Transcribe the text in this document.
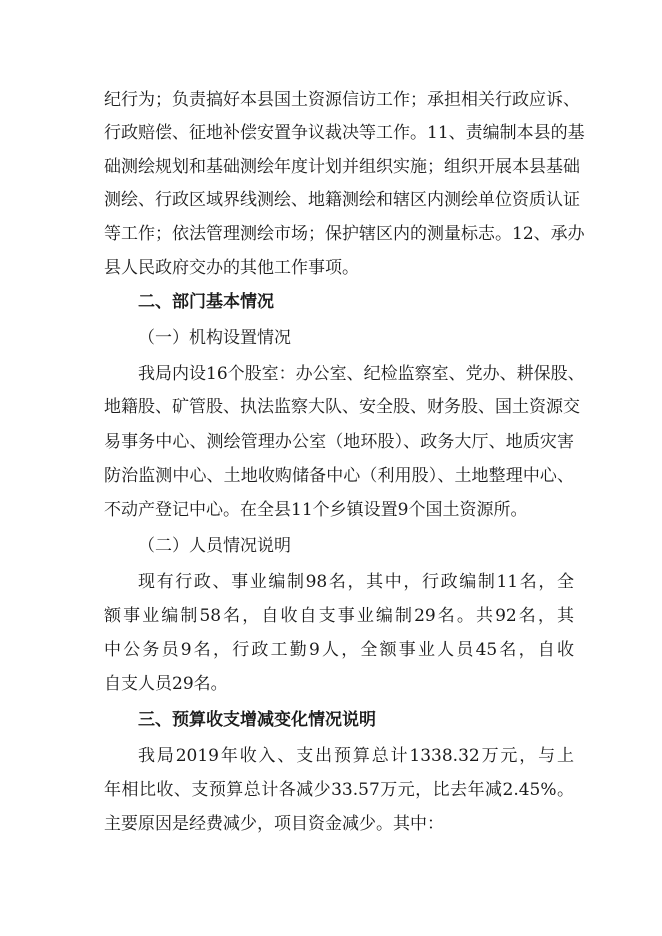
纪行为；负责搞好本县国土资源信访工作；承担相关行政应诉、
行政赔偿、征地补偿安置争议裁决等工作。11、责编制本县的基
础测绘规划和基础测绘年度计划并组织实施；组织开展本县基础
测绘、行政区域界线测绘、地籍测绘和辖区内测绘单位资质认证
等工作；依法管理测绘市场；保护辖区内的测量标志。12、承办
县人民政府交办的其他工作事项。
二、部门基本情况
（一）机构设置情况
我局内设16个股室：办公室、纪检监察室、党办、耕保股、
地籍股、矿管股、执法监察大队、安全股、财务股、国土资源交
易事务中心、测绘管理办公室（地环股）、政务大厅、地质灾害
防治监测中心、土地收购储备中心（利用股）、土地整理中心、
不动产登记中心。在全县11个乡镇设置9个国土资源所。
（二）人员情况说明
现有行政、事业编制98名，其中，行政编制11名，全
额事业编制58名，自收自支事业编制29名。共92名，其
中公务员9名，行政工勤9人，全额事业人员45名，自收
自支人员29名。
三、预算收支增减变化情况说明
我局2019年收入、支出预算总计1338.32万元，与上
年相比收、支预算总计各减少33.57万元，比去年减2.45%。
主要原因是经费减少，项目资金减少。其中：
